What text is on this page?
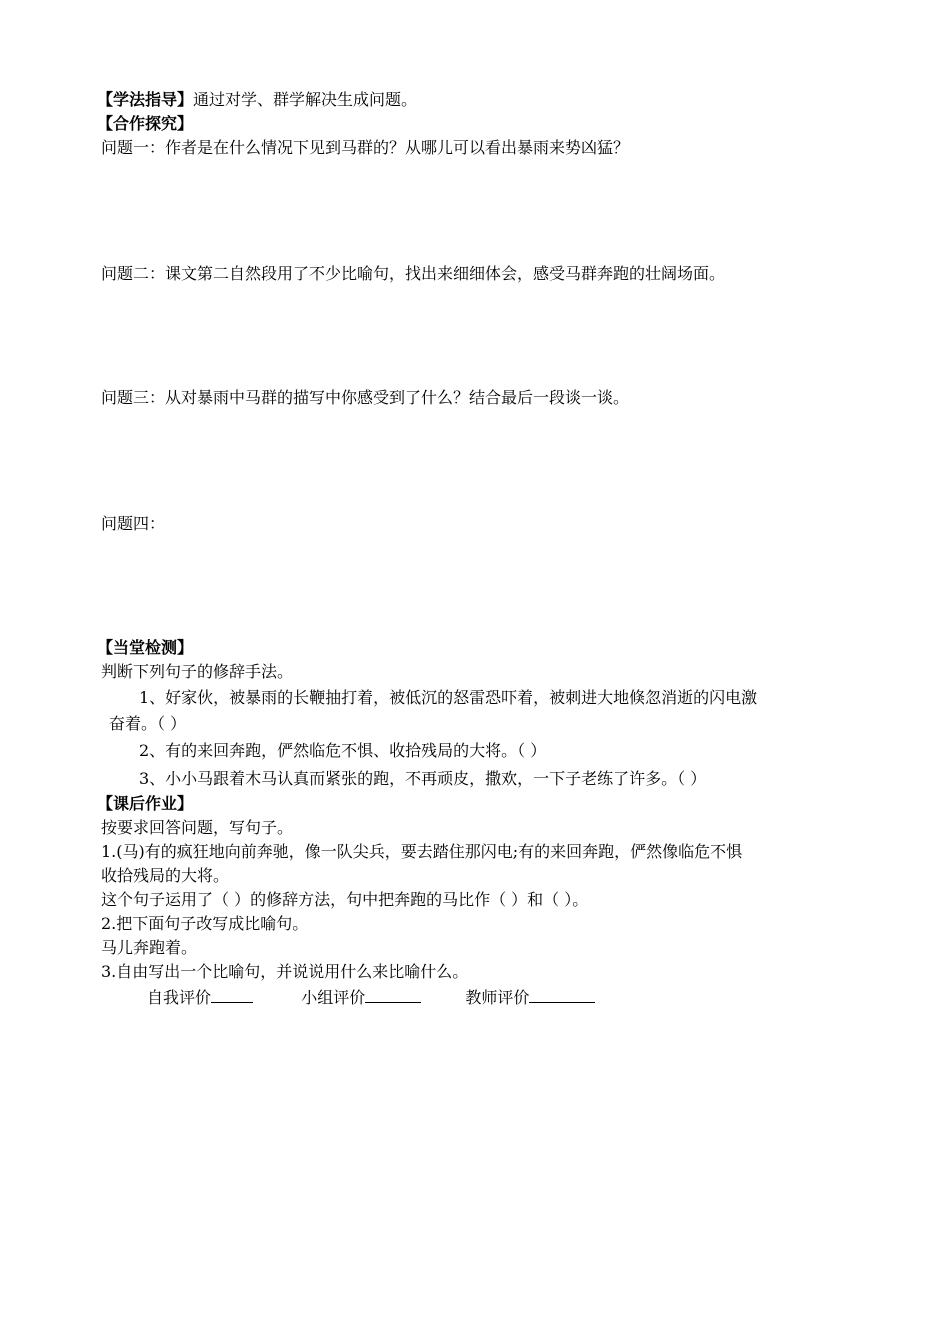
【学法指导】通过对学、群学解决生成问题。
【合作探究】
问题一：作者是在什么情况下见到马群的？从哪儿可以看出暴雨来势凶猛？
问题二：课文第二自然段用了不少比喻句，找出来细细体会，感受马群奔跑的壮阔场面。
问题三：从对暴雨中马群的描写中你感受到了什么？结合最后一段谈一谈。
问题四：
【当堂检测】
判断下列句子的修辞手法。
1、好家伙，被暴雨的长鞭抽打着，被低沉的怒雷恐吓着，被刺进大地倏忽消逝的闪电激
奋着。（ ）
2、有的来回奔跑，俨然临危不惧、收拾残局的大将。（ ）
3、小小马跟着木马认真而紧张的跑，不再顽皮，撒欢，一下子老练了许多。（ ）
【课后作业】
按要求回答问题，写句子。
1.(马)有的疯狂地向前奔驰，像一队尖兵，要去踏住那闪电;有的来回奔跑，俨然像临危不惧
收拾残局的大将。
这个句子运用了（ ）的修辞方法，句中把奔跑的马比作（ ）和（ ）。
2.把下面句子改写成比喻句。
马儿奔跑着。
3.自由写出一个比喻句，并说说用什么来比喻什么。
自我评价	小组评价	教师评价
